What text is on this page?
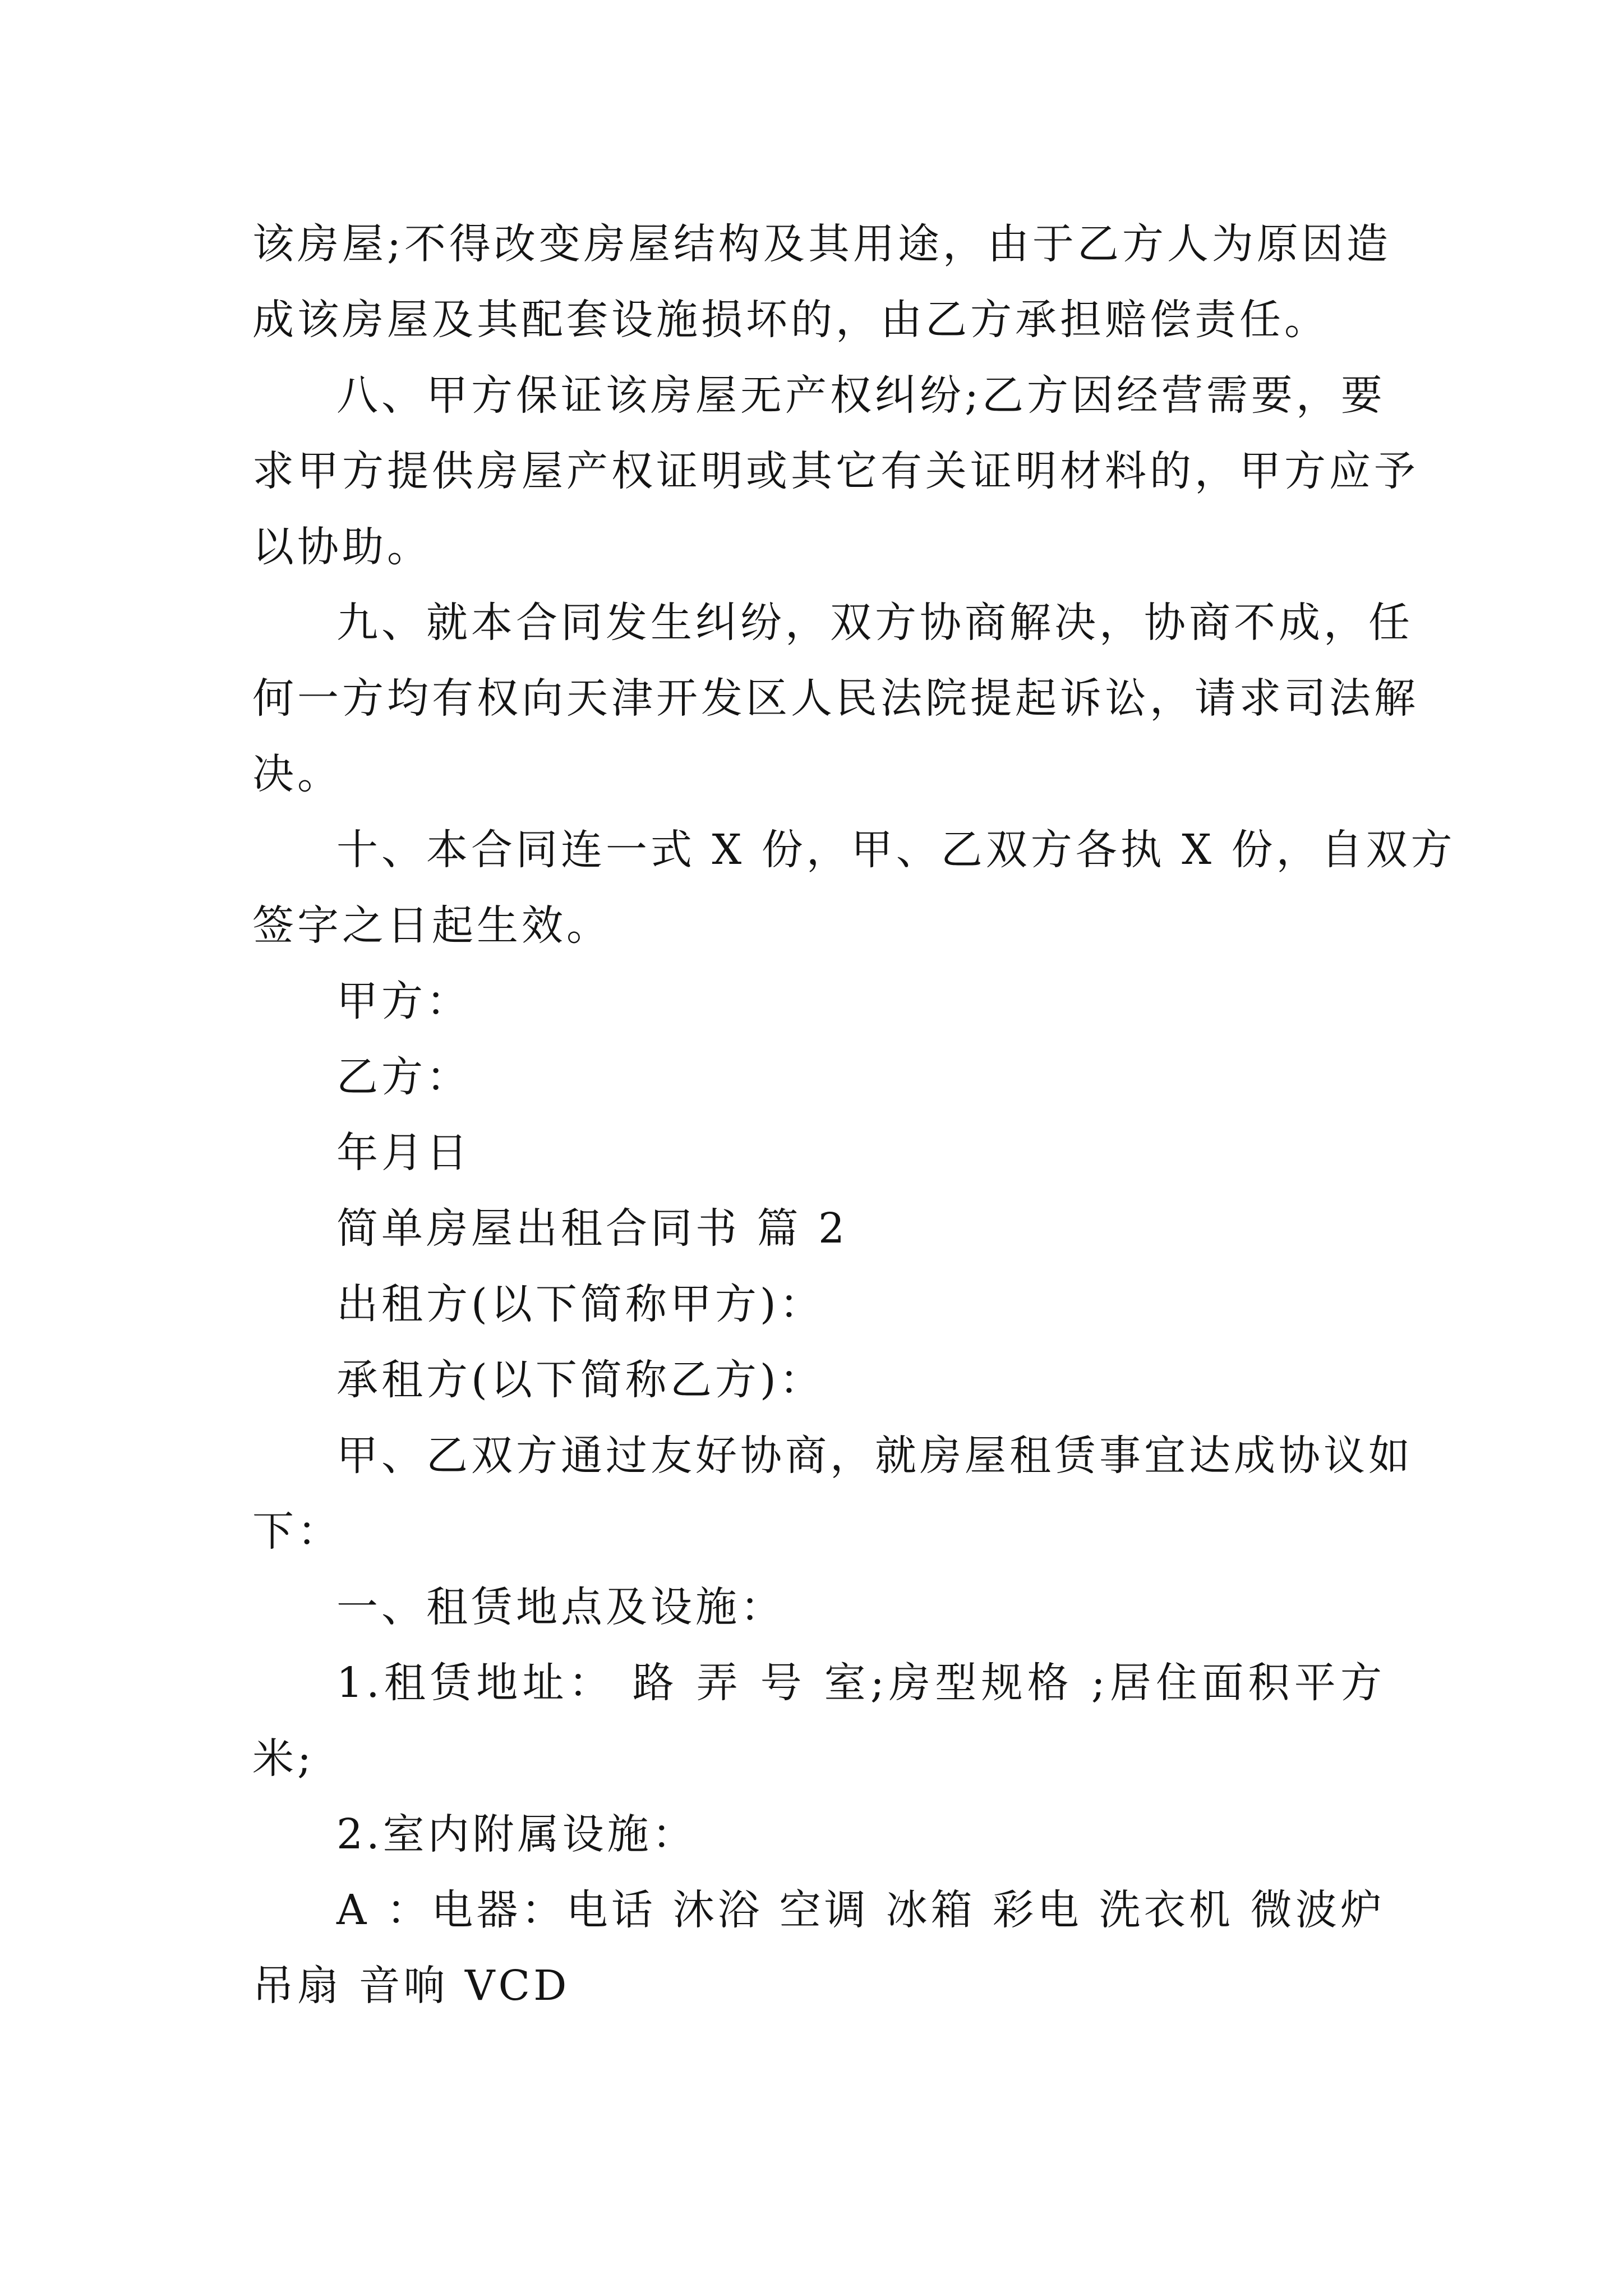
该房屋;不得改变房屋结构及其用途，由于乙方人为原因造
成该房屋及其配套设施损坏的，由乙方承担赔偿责任。
八、甲方保证该房屋无产权纠纷;乙方因经营需要，要
求甲方提供房屋产权证明或其它有关证明材料的，甲方应予
以协助。
九、就本合同发生纠纷，双方协商解决，协商不成，任
何一方均有权向天津开发区人民法院提起诉讼，请求司法解
决。
十、本合同连一式 X 份，甲、乙双方各执 X 份，自双方
签字之日起生效。
甲方：
乙方：
年月日
简单房屋出租合同书 篇 2
出租方(以下简称甲方)：
承租方(以下简称乙方)：
甲、乙双方通过友好协商，就房屋租赁事宜达成协议如
下：
一、租赁地点及设施：
1.租赁地址： 路 弄 号 室;房型规格 ;居住面积平方
米;
2.室内附属设施：
A ：电器：电话 沐浴 空调 冰箱 彩电 洗衣机 微波炉
吊扇 音响 VCD
